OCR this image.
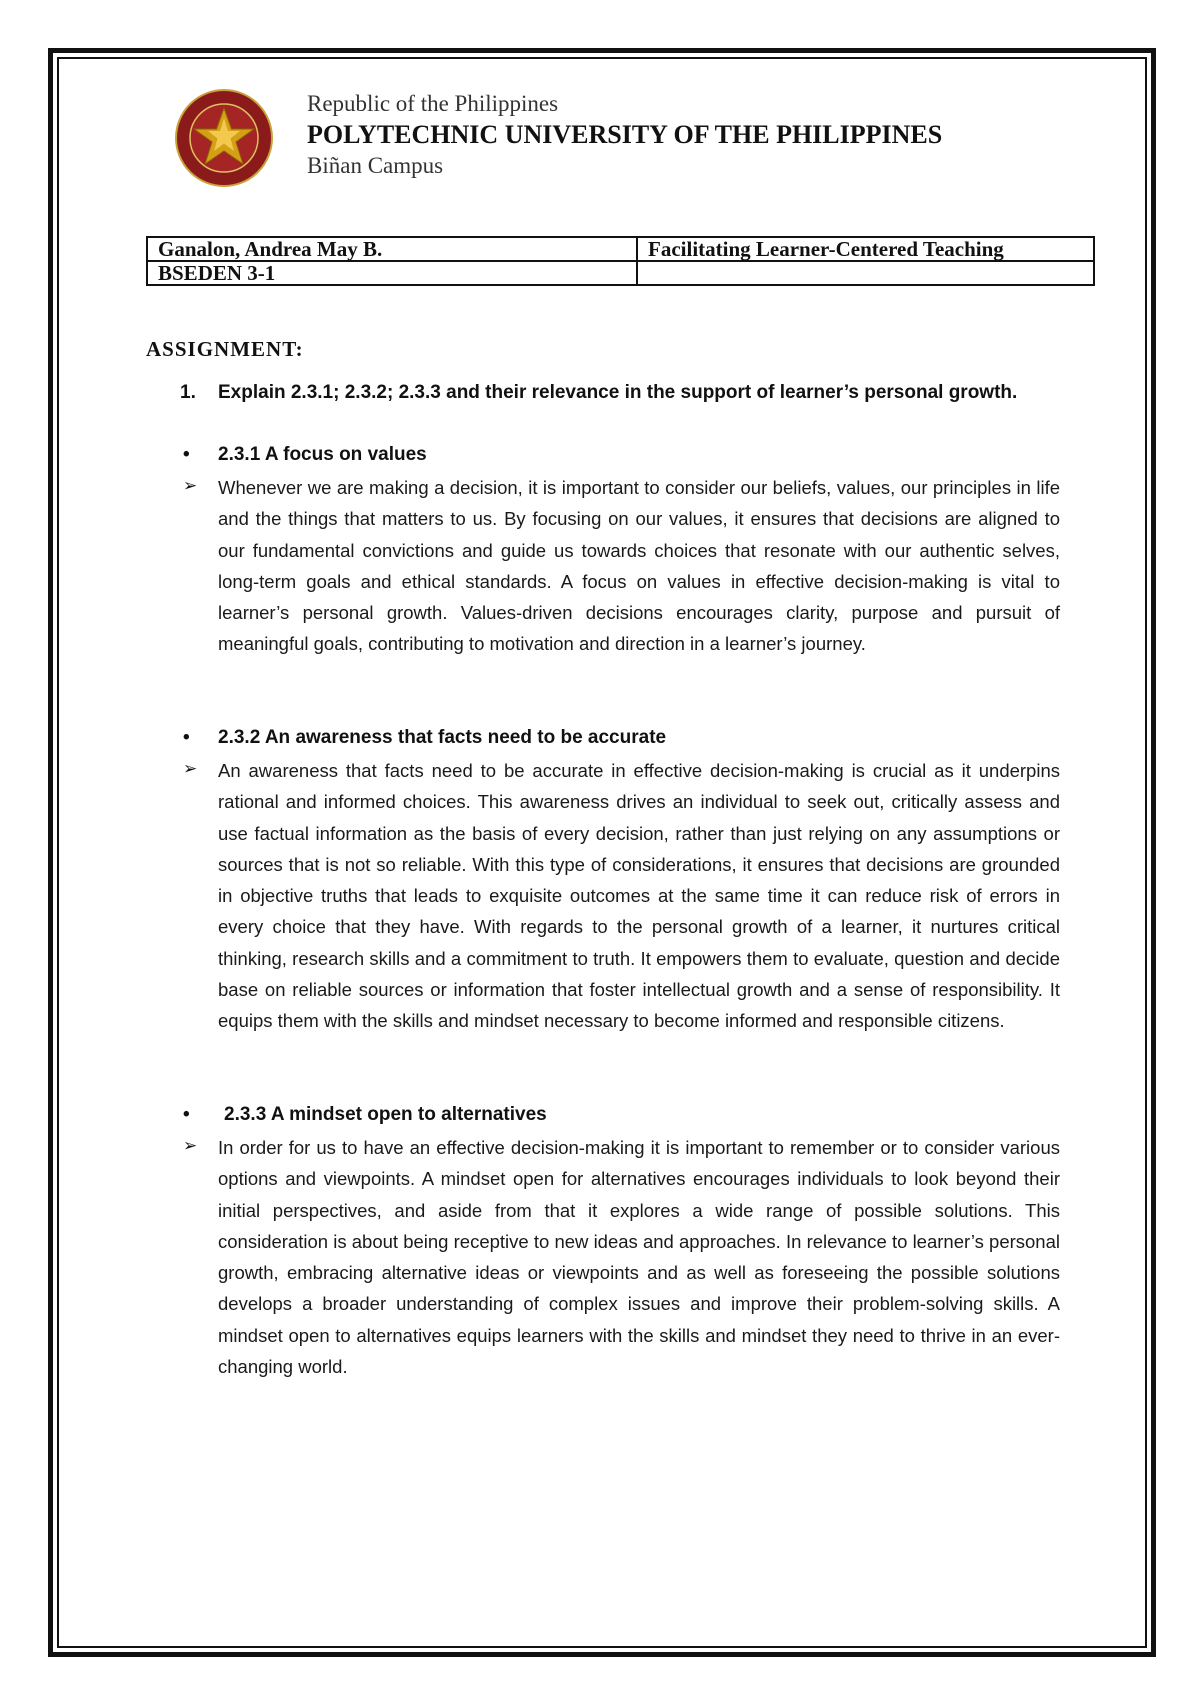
Republic of the Philippines
POLYTECHNIC UNIVERSITY OF THE PHILIPPINES
Biñan Campus
Ganalon, Andrea May B.	Facilitating Learner-Centered Teaching
BSEDEN 3-1	
ASSIGNMENT:
1. Explain 2.3.1; 2.3.2; 2.3.3 and their relevance in the support of learner’s personal growth.
• 2.3.1 A focus on values
➢ Whenever we are making a decision, it is important to consider our beliefs, values, our principles in life and the things that matters to us. By focusing on our values, it ensures that decisions are aligned to our fundamental convictions and guide us towards choices that resonate with our authentic selves, long-term goals and ethical standards. A focus on values in effective decision-making is vital to learner’s personal growth. Values-driven decisions encourages clarity, purpose and pursuit of meaningful goals, contributing to motivation and direction in a learner’s journey.
• 2.3.2 An awareness that facts need to be accurate
➢ An awareness that facts need to be accurate in effective decision-making is crucial as it underpins rational and informed choices. This awareness drives an individual to seek out, critically assess and use factual information as the basis of every decision, rather than just relying on any assumptions or sources that is not so reliable. With this type of considerations, it ensures that decisions are grounded in objective truths that leads to exquisite outcomes at the same time it can reduce risk of errors in every choice that they have. With regards to the personal growth of a learner, it nurtures critical thinking, research skills and a commitment to truth. It empowers them to evaluate, question and decide base on reliable sources or information that foster intellectual growth and a sense of responsibility. It equips them with the skills and mindset necessary to become informed and responsible citizens.
• 2.3.3 A mindset open to alternatives
➢ In order for us to have an effective decision-making it is important to remember or to consider various options and viewpoints. A mindset open for alternatives encourages individuals to look beyond their initial perspectives, and aside from that it explores a wide range of possible solutions. This consideration is about being receptive to new ideas and approaches. In relevance to learner’s personal growth, embracing alternative ideas or viewpoints and as well as foreseeing the possible solutions develops a broader understanding of complex issues and improve their problem-solving skills. A mindset open to alternatives equips learners with the skills and mindset they need to thrive in an ever-changing world.
